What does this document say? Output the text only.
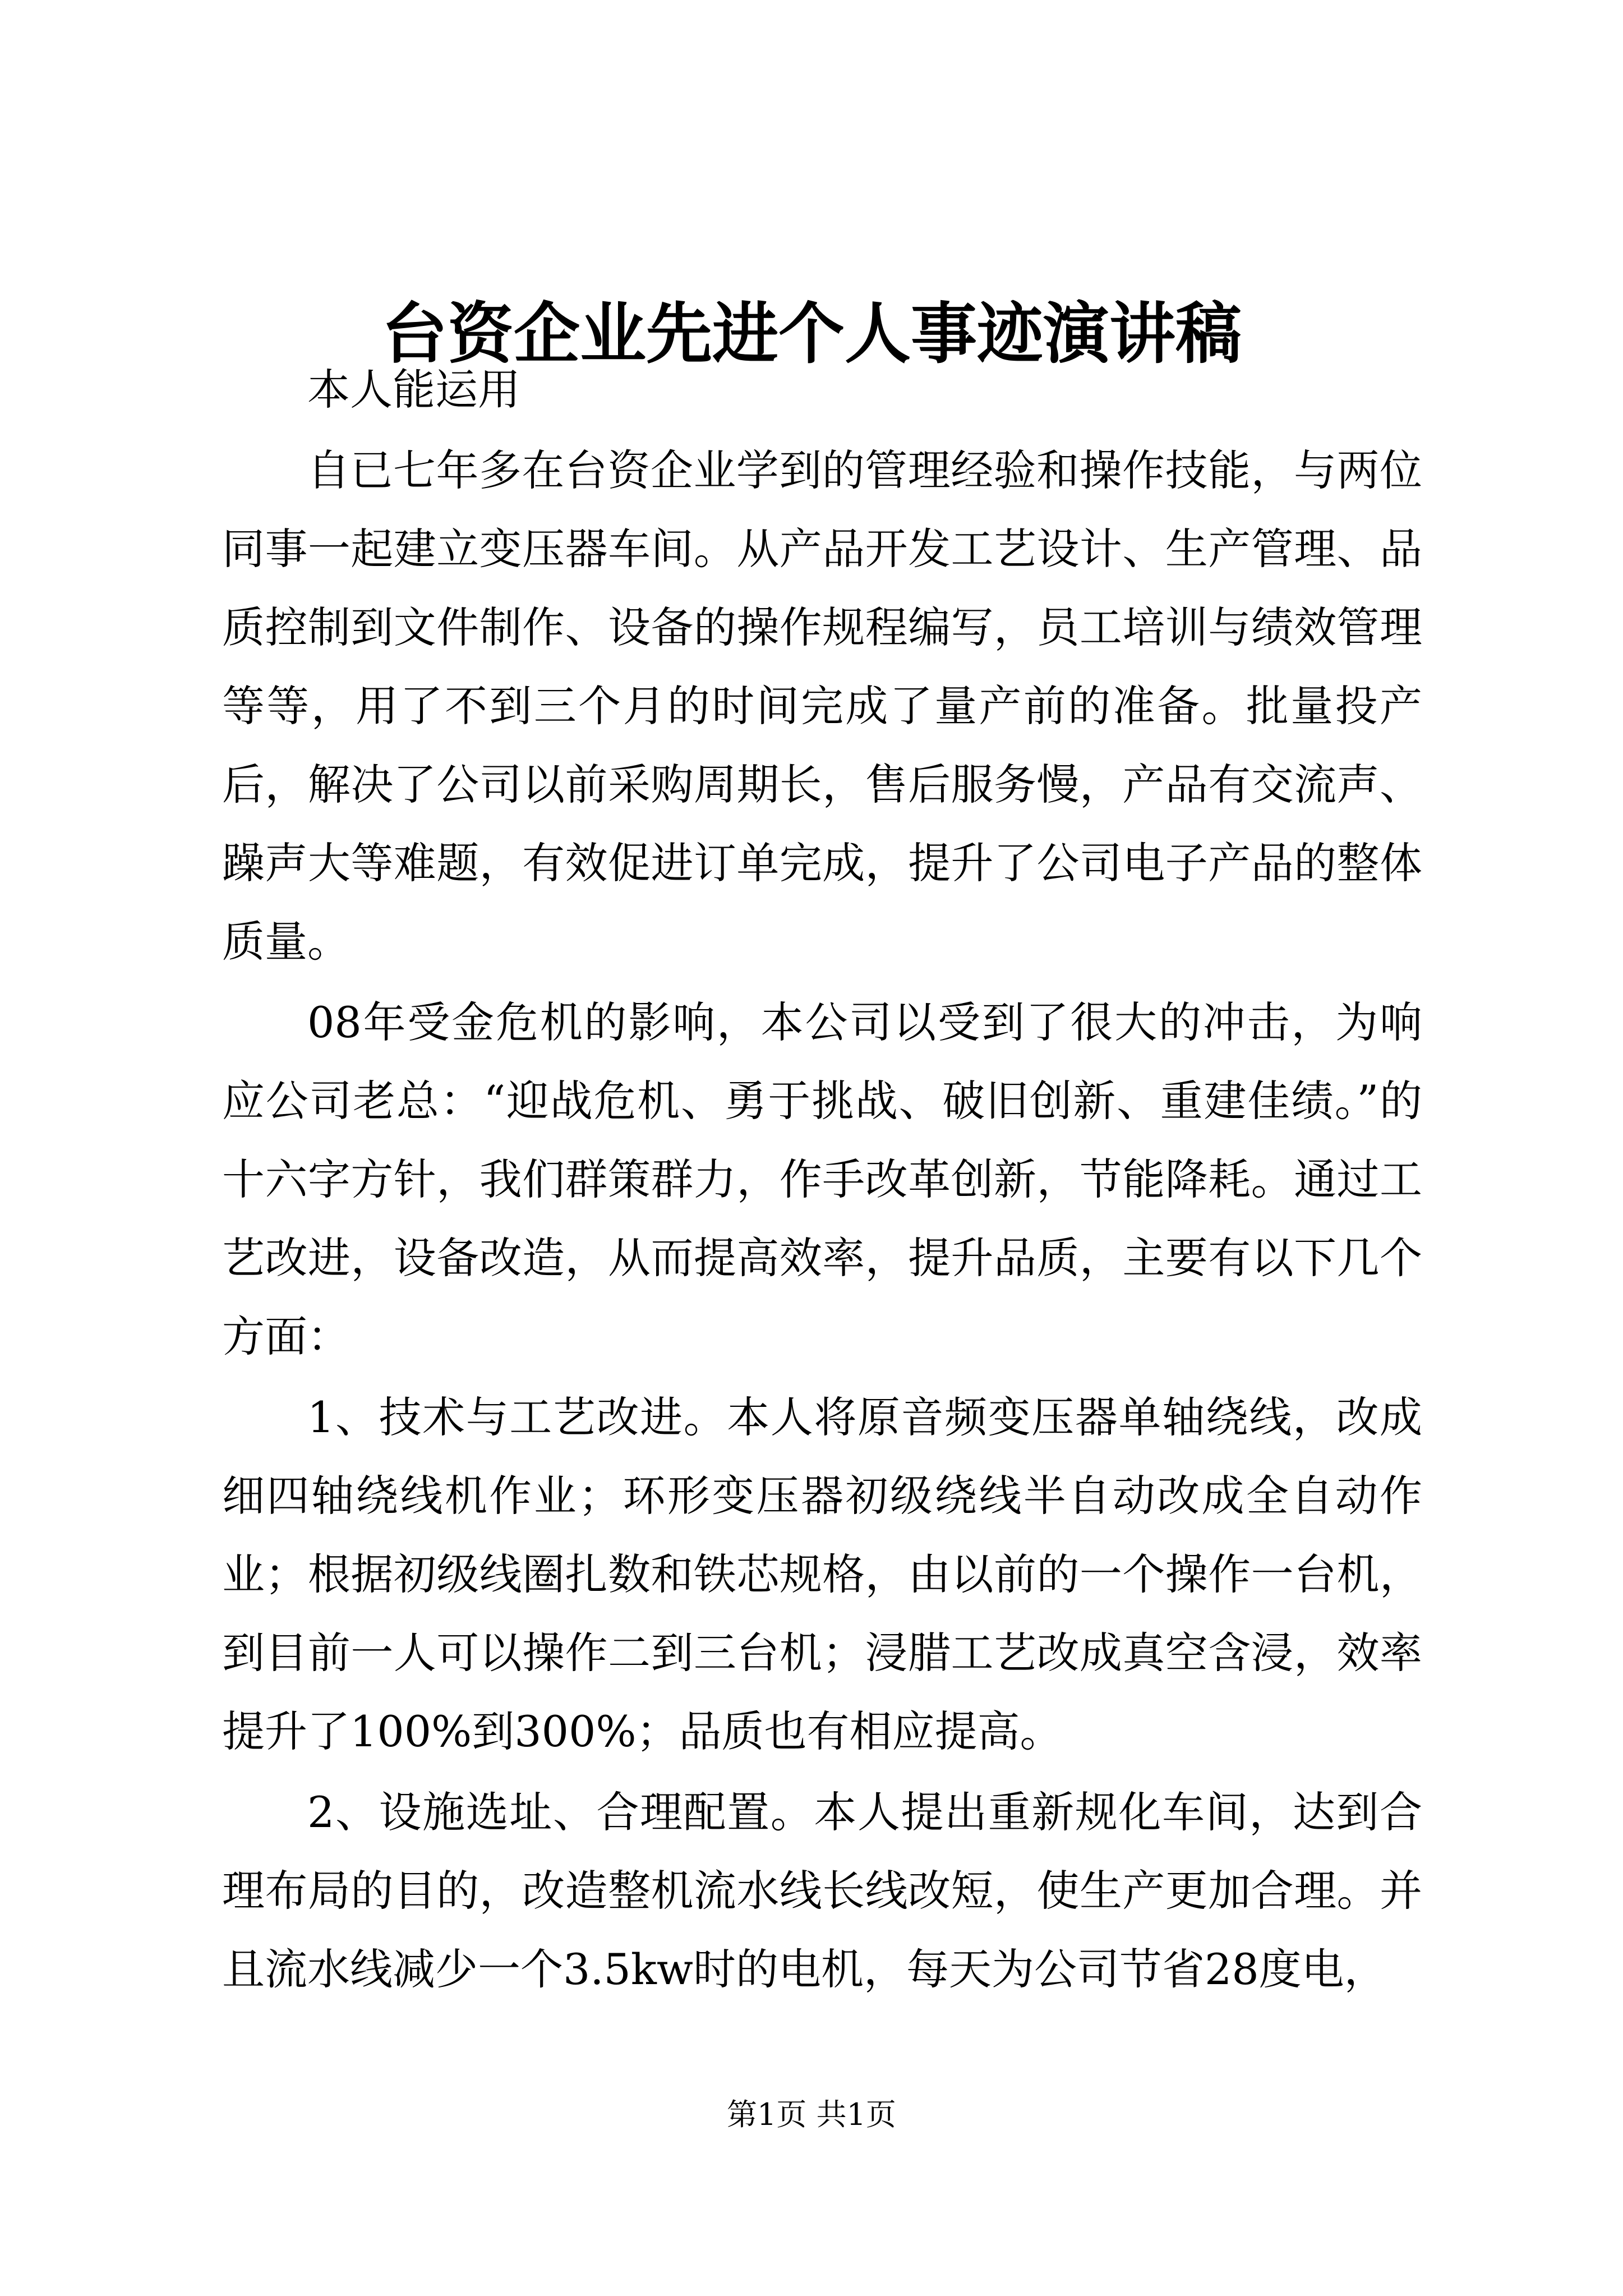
台资企业先进个人事迹演讲稿

本人能运用

自已七年多在台资企业学到的管理经验和操作技能，与两位同事一起建立变压器车间。从产品开发工艺设计、生产管理、品质控制到文件制作、设备的操作规程编写，员工培训与绩效管理等等，用了不到三个月的时间完成了量产前的准备。批量投产后，解决了公司以前采购周期长，售后服务慢，产品有交流声、躁声大等难题，有效促进订单完成，提升了公司电子产品的整体质量。

08年受金危机的影响，本公司以受到了很大的冲击，为响应公司老总：“迎战危机、勇于挑战、破旧创新、重建佳绩。”的十六字方针，我们群策群力，作手改革创新，节能降耗。通过工艺改进，设备改造，从而提高效率，提升品质，主要有以下几个方面：

1、技术与工艺改进。本人将原音频变压器单轴绕线，改成细四轴绕线机作业；环形变压器初级绕线半自动改成全自动作业；根据初级线圈扎数和铁芯规格，由以前的一个操作一台机，到目前一人可以操作二到三台机；浸腊工艺改成真空含浸，效率提升了100%到300%；品质也有相应提高。

2、设施选址、合理配置。本人提出重新规化车间，达到合理布局的目的，改造整机流水线长线改短，使生产更加合理。并且流水线减少一个3.5kw时的电机，每天为公司节省28度电，

第1页 共1页
